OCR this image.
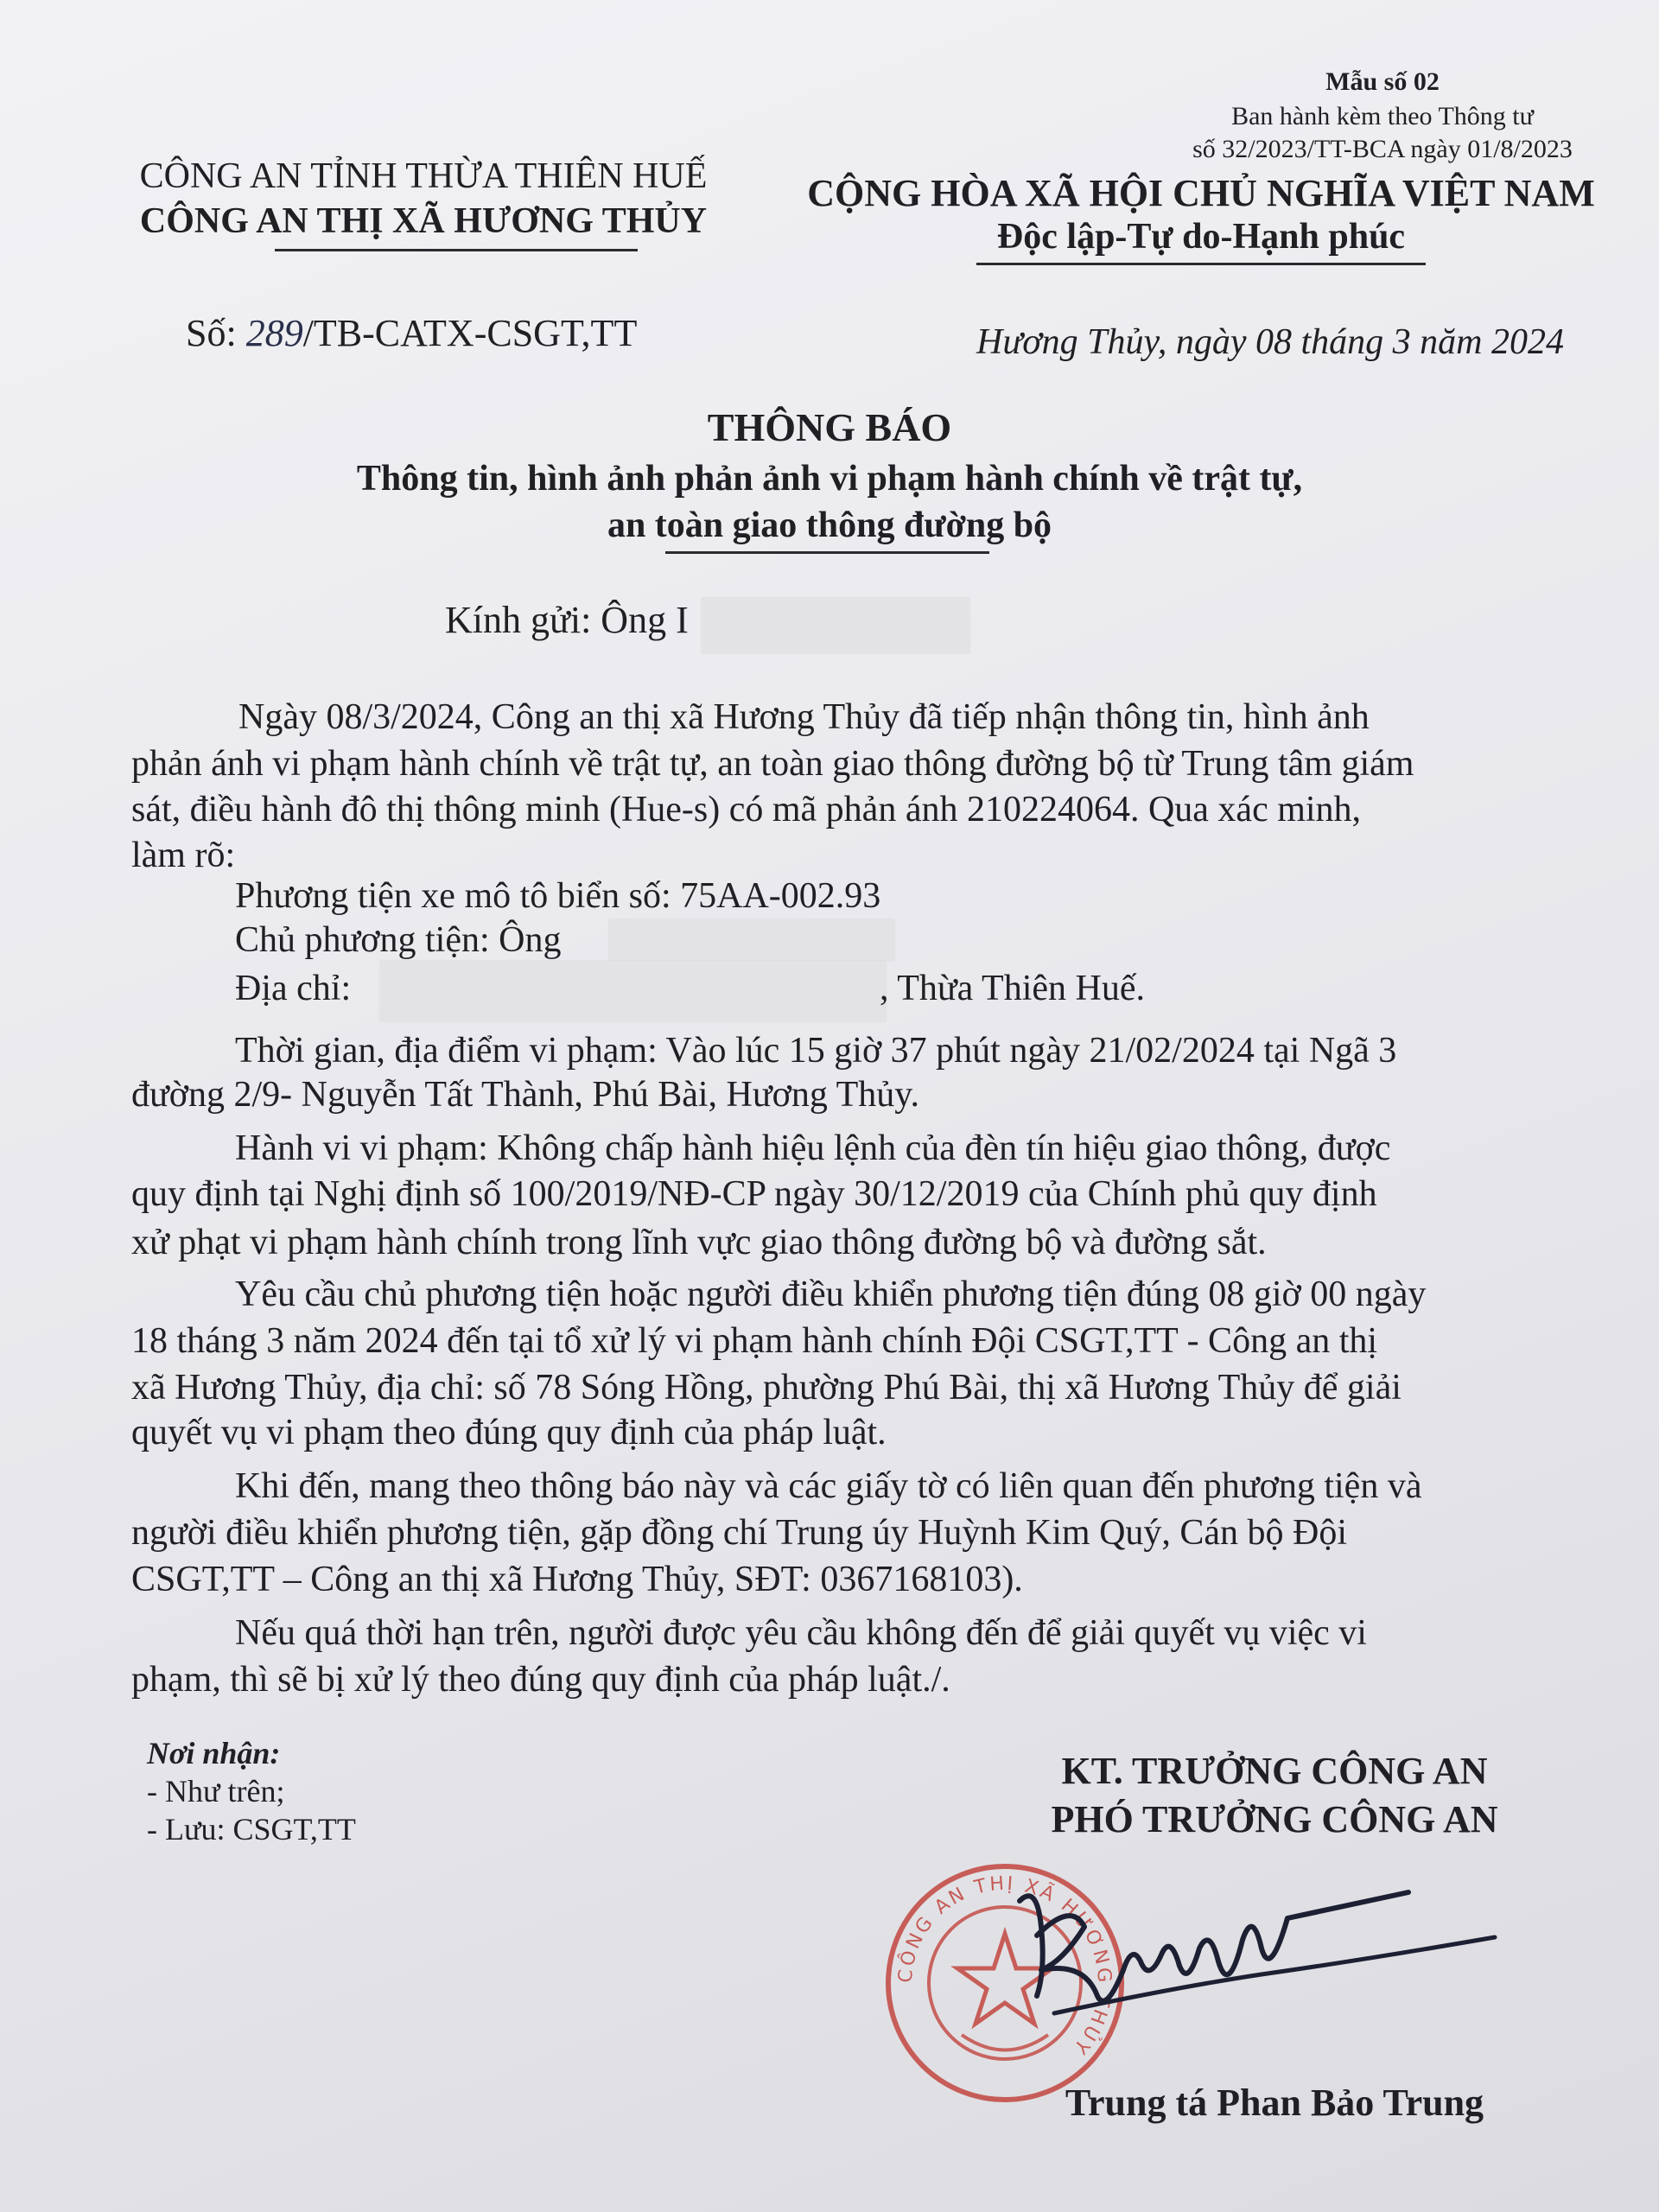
Mẫu số 02
Ban hành kèm theo Thông tư
số 32/2023/TT-BCA ngày 01/8/2023
CÔNG AN TỈNH THỪA THIÊN HUẾ
CÔNG AN THỊ XÃ HƯƠNG THỦY
CỘNG HÒA XÃ HỘI CHỦ NGHĨA VIỆT NAM
Độc lập-Tự do-Hạnh phúc
Số: 289/TB-CATX-CSGT,TT	Hương Thủy, ngày 08 tháng 3 năm 2024
THÔNG BÁO
Thông tin, hình ảnh phản ảnh vi phạm hành chính về trật tự,
an toàn giao thông đường bộ
Kính gửi: Ông I
Ngày 08/3/2024, Công an thị xã Hương Thủy đã tiếp nhận thông tin, hình ảnh
phản ánh vi phạm hành chính về trật tự, an toàn giao thông đường bộ từ Trung tâm giám
sát, điều hành đô thị thông minh (Hue-s) có mã phản ánh 210224064. Qua xác minh,
làm rõ:
Phương tiện xe mô tô biển số: 75AA-002.93
Chủ phương tiện: Ông
Địa chỉ:	, Thừa Thiên Huế.
Thời gian, địa điểm vi phạm: Vào lúc 15 giờ 37 phút ngày 21/02/2024 tại Ngã 3
đường 2/9- Nguyễn Tất Thành, Phú Bài, Hương Thủy.
Hành vi vi phạm: Không chấp hành hiệu lệnh của đèn tín hiệu giao thông, được
quy định tại Nghị định số 100/2019/NĐ-CP ngày 30/12/2019 của Chính phủ quy định
xử phạt vi phạm hành chính trong lĩnh vực giao thông đường bộ và đường sắt.
Yêu cầu chủ phương tiện hoặc người điều khiển phương tiện đúng 08 giờ 00 ngày
18 tháng 3 năm 2024 đến tại tổ xử lý vi phạm hành chính Đội CSGT,TT - Công an thị
xã Hương Thủy, địa chỉ: số 78 Sóng Hồng, phường Phú Bài, thị xã Hương Thủy để giải
quyết vụ vi phạm theo đúng quy định của pháp luật.
Khi đến, mang theo thông báo này và các giấy tờ có liên quan đến phương tiện và
người điều khiển phương tiện, gặp đồng chí Trung úy Huỳnh Kim Quý, Cán bộ Đội
CSGT,TT – Công an thị xã Hương Thủy, SĐT: 0367168103).
Nếu quá thời hạn trên, người được yêu cầu không đến để giải quyết vụ việc vi
phạm, thì sẽ bị xử lý theo đúng quy định của pháp luật./.
Nơi nhận:
- Như trên;
- Lưu: CSGT,TT
KT. TRƯỞNG CÔNG AN
PHÓ TRƯỞNG CÔNG AN
CÔNG AN THỊ XÃ HƯƠNG THỦY
Trung tá Phan Bảo Trung
